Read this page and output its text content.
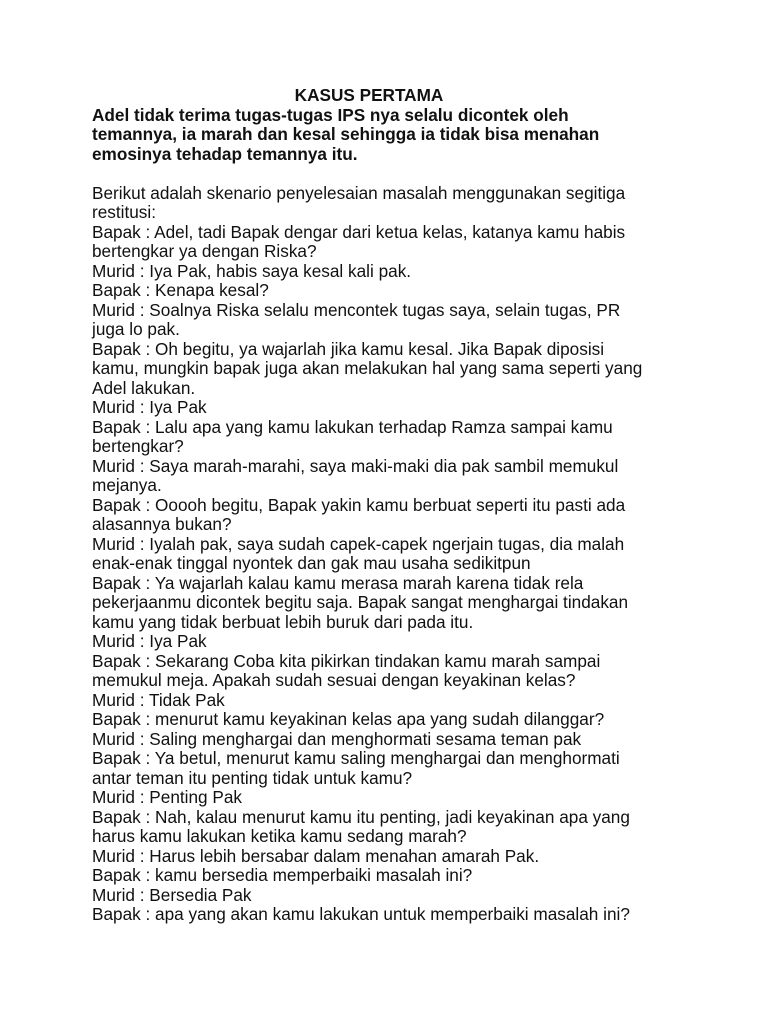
KASUS PERTAMA
Adel tidak terima tugas-tugas IPS nya selalu dicontek oleh
temannya, ia marah dan kesal sehingga ia tidak bisa menahan
emosinya tehadap temannya itu.
Berikut adalah skenario penyelesaian masalah menggunakan segitiga
restitusi:
Bapak : Adel, tadi Bapak dengar dari ketua kelas, katanya kamu habis
bertengkar ya dengan Riska?
Murid : Iya Pak, habis saya kesal kali pak.
Bapak : Kenapa kesal?
Murid : Soalnya Riska selalu mencontek tugas saya, selain tugas, PR
juga lo pak.
Bapak : Oh begitu, ya wajarlah jika kamu kesal. Jika Bapak diposisi
kamu, mungkin bapak juga akan melakukan hal yang sama seperti yang
Adel lakukan.
Murid : Iya Pak
Bapak : Lalu apa yang kamu lakukan terhadap Ramza sampai kamu
bertengkar?
Murid : Saya marah-marahi, saya maki-maki dia pak sambil memukul
mejanya.
Bapak : Ooooh begitu, Bapak yakin kamu berbuat seperti itu pasti ada
alasannya bukan?
Murid : Iyalah pak, saya sudah capek-capek ngerjain tugas, dia malah
enak-enak tinggal nyontek dan gak mau usaha sedikitpun
Bapak : Ya wajarlah kalau kamu merasa marah karena tidak rela
pekerjaanmu dicontek begitu saja. Bapak sangat menghargai tindakan
kamu yang tidak berbuat lebih buruk dari pada itu.
Murid : Iya Pak
Bapak : Sekarang Coba kita pikirkan tindakan kamu marah sampai
memukul meja. Apakah sudah sesuai dengan keyakinan kelas?
Murid : Tidak Pak
Bapak : menurut kamu keyakinan kelas apa yang sudah dilanggar?
Murid : Saling menghargai dan menghormati sesama teman pak
Bapak : Ya betul, menurut kamu saling menghargai dan menghormati
antar teman itu penting tidak untuk kamu?
Murid : Penting Pak
Bapak : Nah, kalau menurut kamu itu penting, jadi keyakinan apa yang
harus kamu lakukan ketika kamu sedang marah?
Murid : Harus lebih bersabar dalam menahan amarah Pak.
Bapak : kamu bersedia memperbaiki masalah ini?
Murid : Bersedia Pak
Bapak : apa yang akan kamu lakukan untuk memperbaiki masalah ini?
